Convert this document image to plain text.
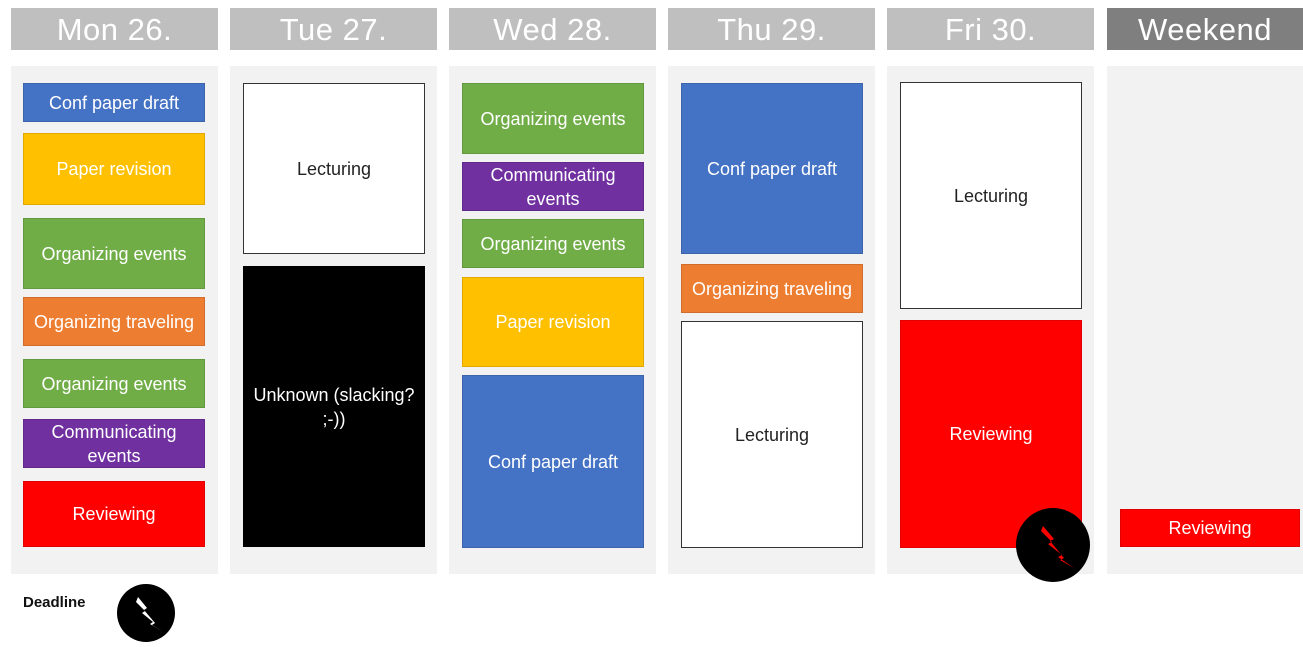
Mon 26.	Tue 27.	Wed 28.	Thu 29.	Fri 30.	Weekend
Conf paper draft
Paper revision
Organizing events
Organizing traveling
Organizing events
Communicating events
Reviewing
Lecturing
Unknown (slacking? ;-))
Organizing events
Communicating events
Organizing events
Paper revision
Conf paper draft
Conf paper draft
Organizing traveling
Lecturing
Lecturing
Reviewing
Reviewing
Deadline
